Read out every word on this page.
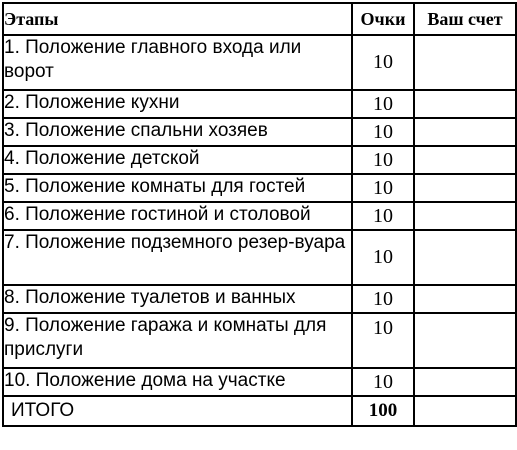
Этапы	Очки	Ваш счет
1. Положение главного входа или ворот	10	
2. Положение кухни	10	
3. Положение спальни хозяев	10	
4. Положение детской	10	
5. Положение комнаты для гостей	10	
6. Положение гостиной и столовой	10	
7. Положение подземного резер-вуара	10	
8. Положение туалетов и ванных	10	
9. Положение гаража и комнаты для прислуги	10	
10. Положение дома на участке	10	
ИТОГО	100	
